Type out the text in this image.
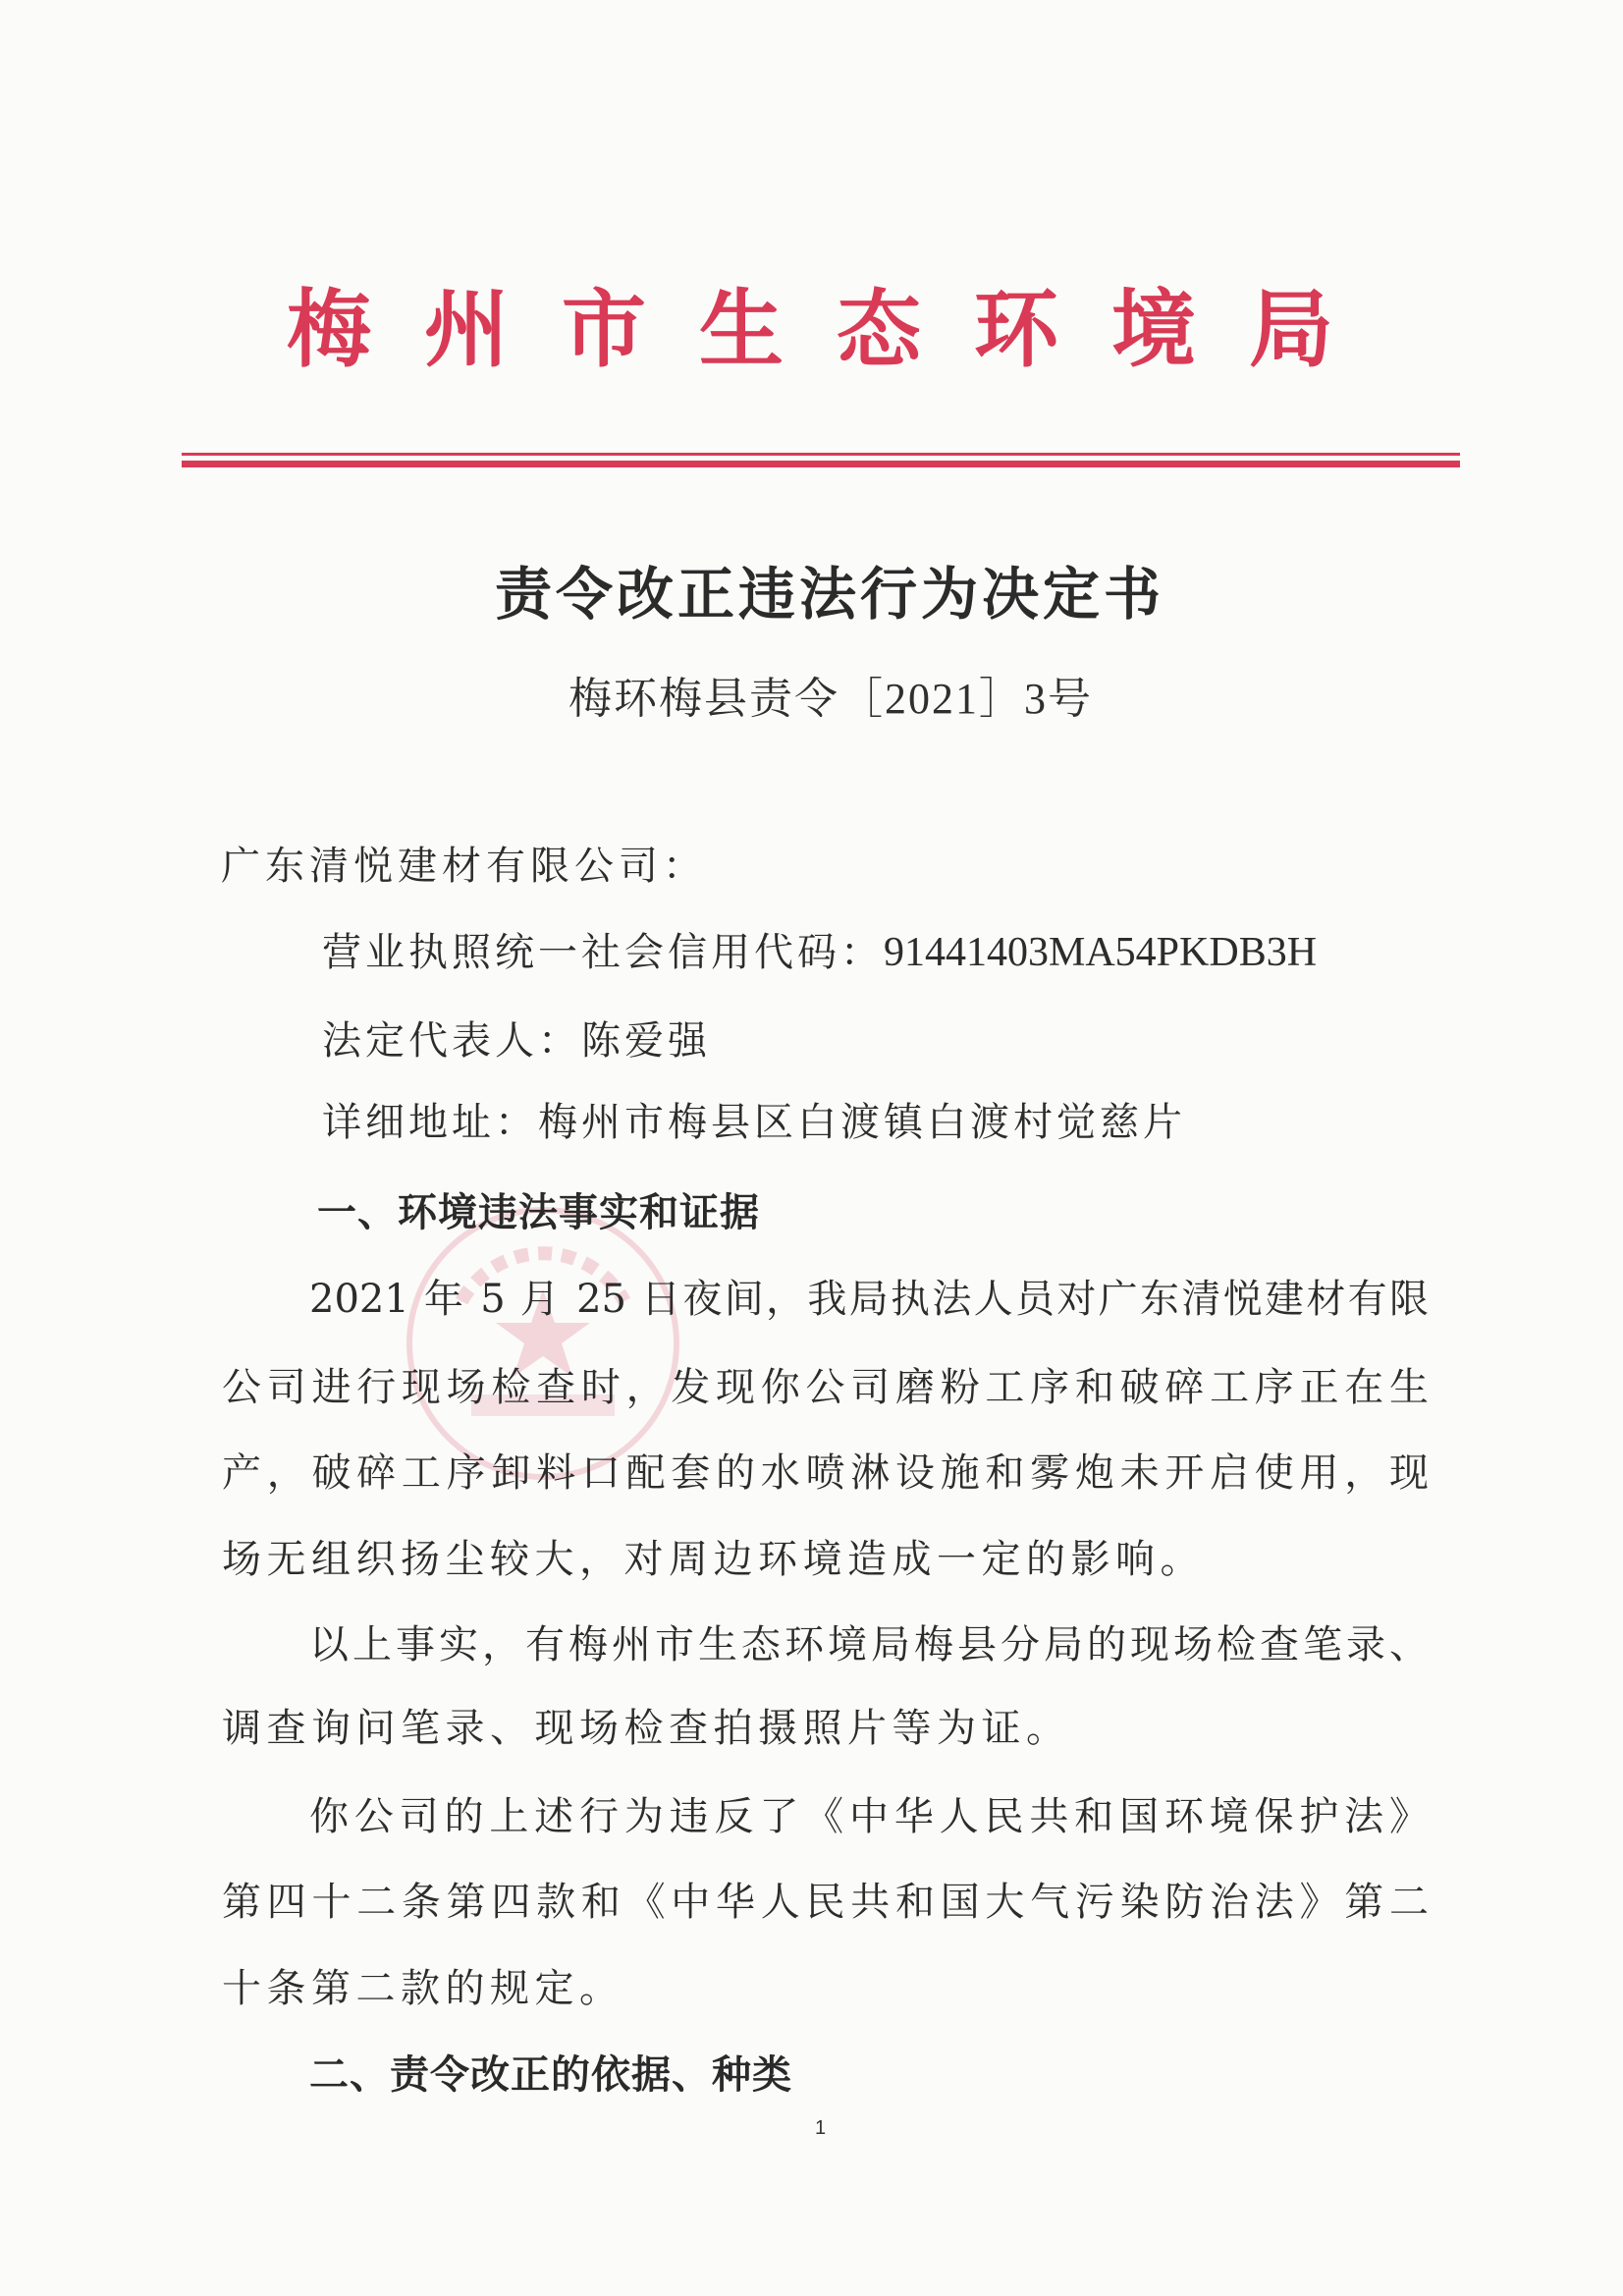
梅州市生态环境局
责令改正违法行为决定书
梅环梅县责令［2021］3号
广东清悦建材有限公司：
营业执照统一社会信用代码：91441403MA54PKDB3H
法定代表人：陈爱强
详细地址：梅州市梅县区白渡镇白渡村觉慈片
一、环境违法事实和证据
2021 年 5 月 25 日夜间，我局执法人员对广东清悦建材有限
公司进行现场检查时，发现你公司磨粉工序和破碎工序正在生
产，破碎工序卸料口配套的水喷淋设施和雾炮未开启使用，现
场无组织扬尘较大，对周边环境造成一定的影响。
以上事实，有梅州市生态环境局梅县分局的现场检查笔录、
调查询问笔录、现场检查拍摄照片等为证。
你公司的上述行为违反了《中华人民共和国环境保护法》
第四十二条第四款和《中华人民共和国大气污染防治法》第二
十条第二款的规定。
二、责令改正的依据、种类
1
